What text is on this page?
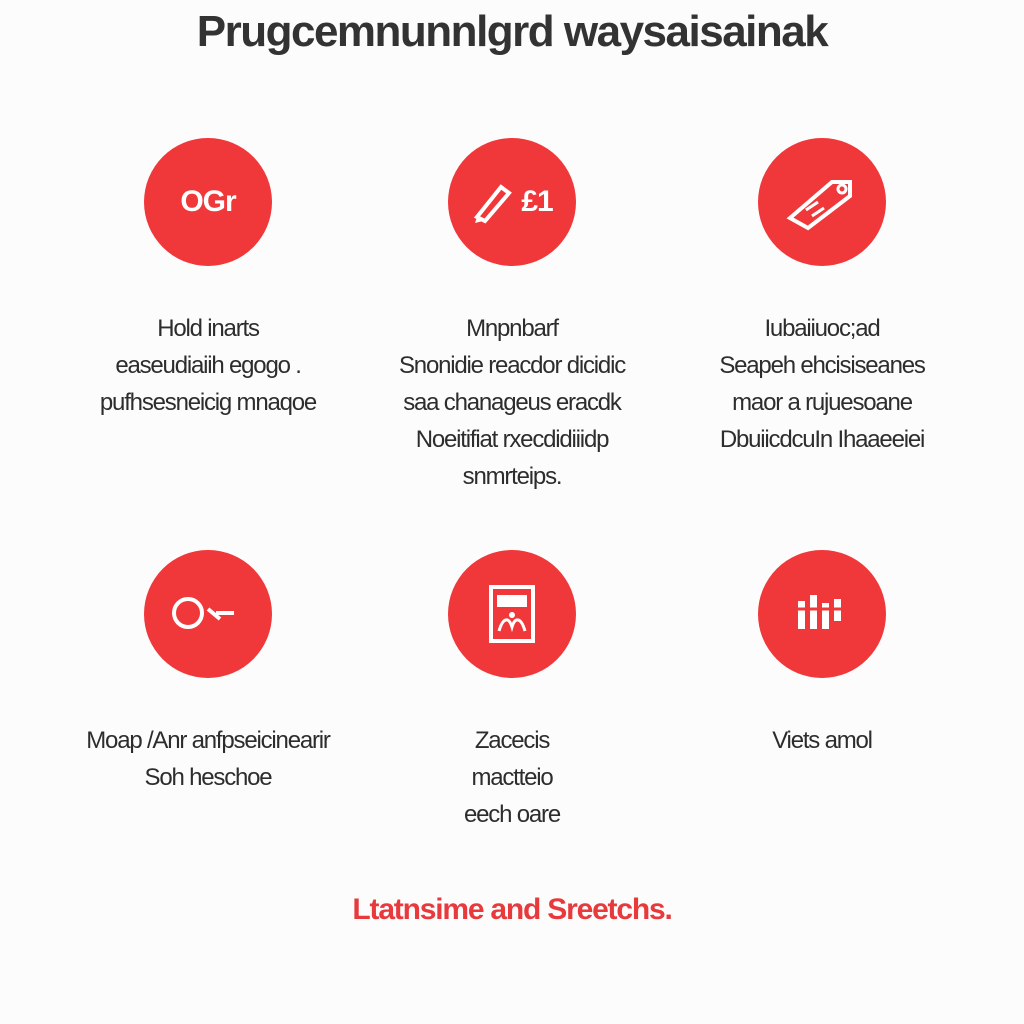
Prugcemnunnlgrd waysaisainak
OGr
Hold inarts
easeudiaiih egogo .
pufhsesneicig mnaqoe
£1
Mnpnbarf
Snonidie reacdor dicidic
saa chanageus eracdk
Noeitifiat rxecdidiiidp
snmrteips.
Iubaiiuoc;ad
Seapeh ehcisiseanes
maor a rujuesoane
DbuiicdcuIn Ihaaeeiei
Moap /Anr anfpseicinearir
Soh heschoe
Zacecis
mactteio
eech oare
Viets amol
Ltatnsime and Sreetchs.
